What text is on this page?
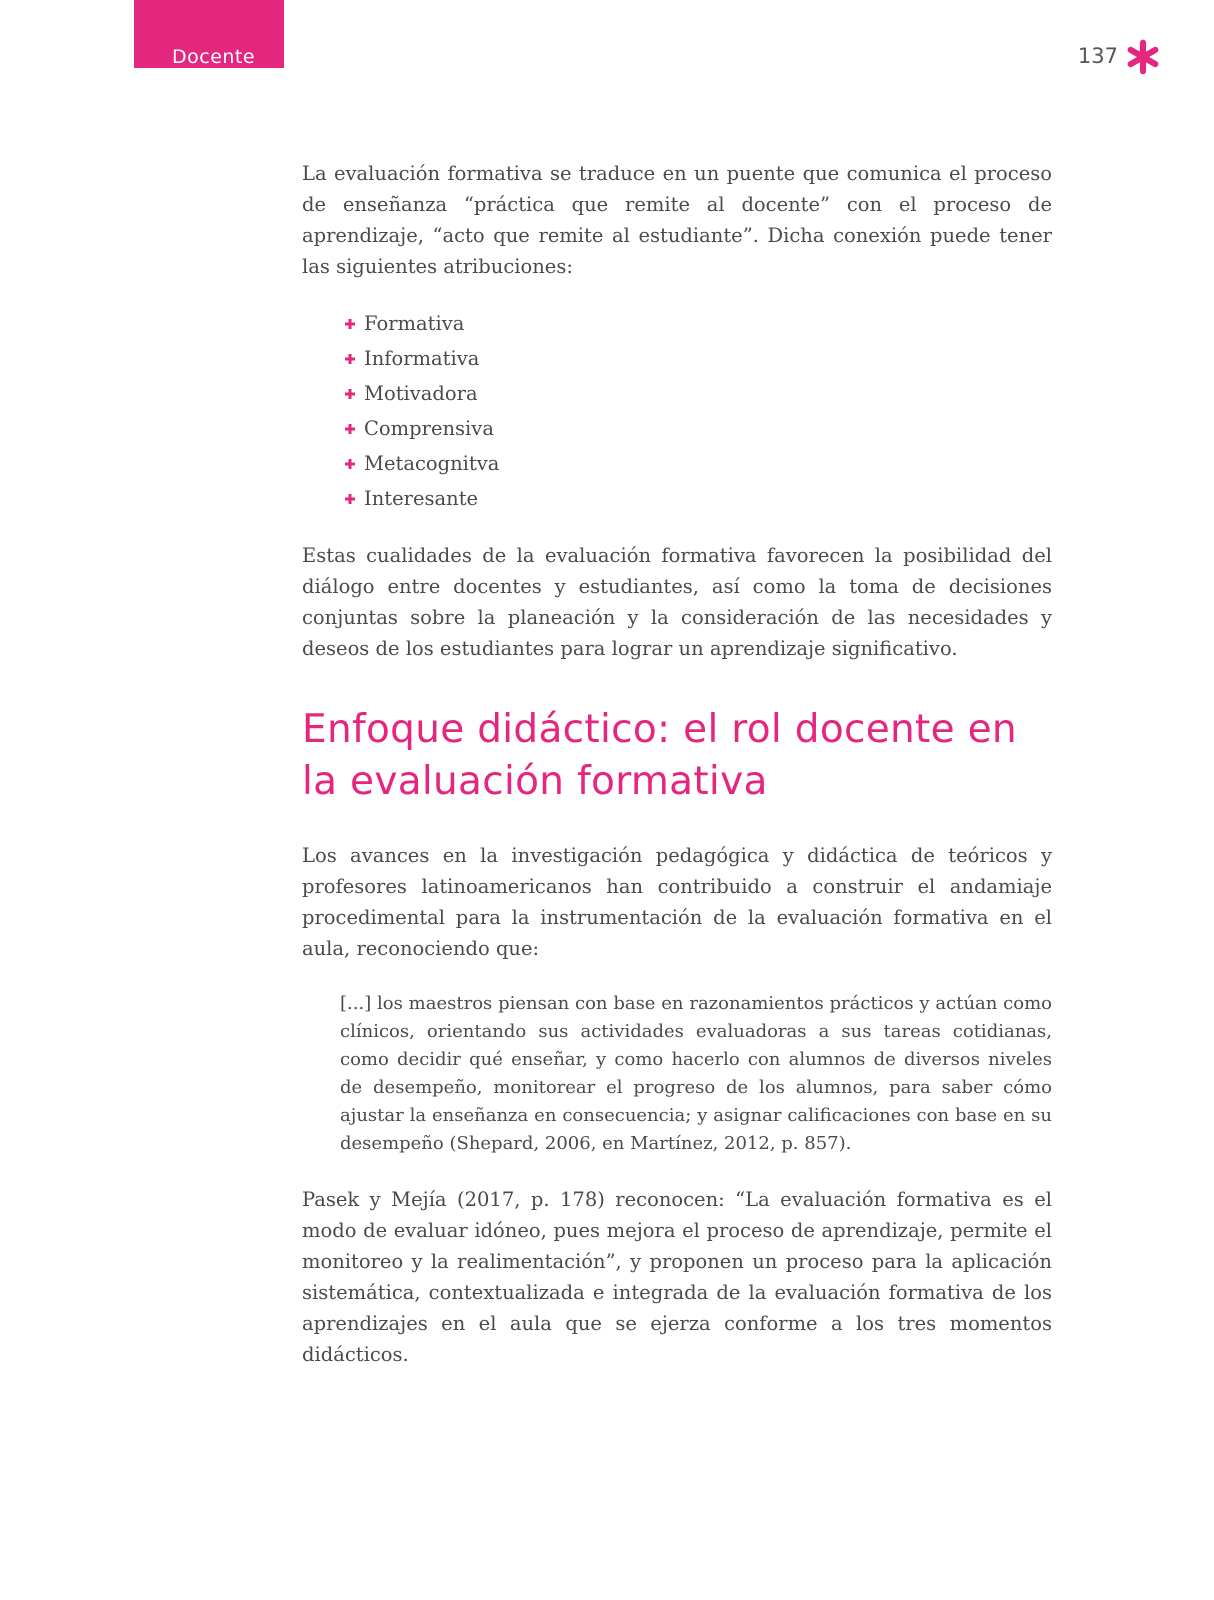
Docente	137

La evaluación formativa se traduce en un puente que comunica el proceso de enseñanza “práctica que remite al docente” con el proceso de aprendizaje, “acto que remite al estudiante”. Dicha conexión puede tener las siguientes atribuciones:

Formativa
Informativa
Motivadora
Comprensiva
Metacognitva
Interesante

Estas cualidades de la evaluación formativa favorecen la posibilidad del diálogo entre docentes y estudiantes, así como la toma de decisiones conjuntas sobre la planeación y la consideración de las necesidades y deseos de los estudiantes para lograr un aprendizaje significativo.

Enfoque didáctico: el rol docente en la evaluación formativa

Los avances en la investigación pedagógica y didáctica de teóricos y profesores latinoamericanos han contribuido a construir el andamiaje procedimental para la instrumentación de la evaluación formativa en el aula, reconociendo que:

[...] los maestros piensan con base en razonamientos prácticos y actúan como clínicos, orientando sus actividades evaluadoras a sus tareas cotidianas, como decidir qué enseñar, y como hacerlo con alumnos de diversos niveles de desempeño, monitorear el progreso de los alumnos, para saber cómo ajustar la enseñanza en consecuencia; y asignar calificaciones con base en su desempeño (Shepard, 2006, en Martínez, 2012, p. 857).

Pasek y Mejía (2017, p. 178) reconocen: “La evaluación formativa es el modo de evaluar idóneo, pues mejora el proceso de aprendizaje, permite el monitoreo y la realimentación”, y proponen un proceso para la aplicación sistemática, contextualizada e integrada de la evaluación formativa de los aprendizajes en el aula que se ejerza conforme a los tres momentos didácticos.
